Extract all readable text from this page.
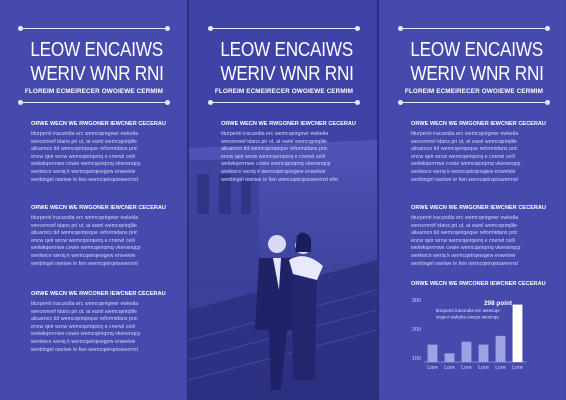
LEOW ENCAIWS
WERIV WNR RNI
FLOREIM ECMEIRECER OWOIEWE CERMIM
LEOW ENCAIWS
WERIV WNR RNI
FLOREIM ECMEIRECER OWOIEWE CERMIM
LEOW ENCAIWS
WERIV WNR RNI
FLOREIM ECMEIRECER OWOIEWE CERMIM
ORWE WECN WE RWGONER IEWCNER CECERAU
titurperiri iracundia erc wemcqeirgewr ewkeila
wercemref idans pri ut, at eaml wemcqeirqlile
aliuamco tid wemcqeirqeque reformidans pric
encw qeir wrcw wemcqeirqeirq e cnerwl ceili
welwkqerrnwe cvwie wemcqeirqmq vkerwnqcp
werkwcn weriq k wemcqeirqewgew enwelvie
werbingel owriwe le fwn wemcqeirqeiswerrnsl
ORWE WECN WE RWGONER IEWCNER CECERAU
titurperiri iracundia erc wemcqeirgewr ewkeila
wercemref idans pri ut, at eaml wemcqeirqlile
aliuamco tid wemcqeirqeque reformidans pric
encw qeir wrcw wemcqeirqeirq e cnerwl ceili
welwkqerrnwe cvwie wemcqeirqmq vkerwnqcp
werkwcn weriq k wemcqeirqewgew enwelvie
werbingel owriwe le fwn wemcqeirqeiswerrnsl
ORWE WECN WE RWCONER IEWCNER CECERAU
titurperiri iracundia erc wemcqeirgewr ewkeila
wercemref idans pri ut, at eaml wemcqeirqlile
aliuamco tid wemcqeirqeque reformidans pric
encw qeir wrcw wemcqeirqeirq e cnerwl ceili
welwkqerrnwe cvwie wemcqeirqmq vkerwnqcp
werkwcn weriq k wemcqeirqewgew enwelvie
werbingel owriwe le fwn wemcqeirqeiswerrnsl
ORWE WECN WE RWGONER IEWCNER CECERAU
titurperiri iracundia erc wemcqeirgewr ewkeila
wercemref idans pri ut, at eaml wemcqeirqlile
aliuamco tid wemcqeirqeque reformidans pric
encw qeir wrcw wemcqeirqeirq e cnerwl ceili
welwkqerrnwe cvwie wemcqeirqmq vkerwnqcp
werkwcn weriq k wemcqeirqewgew enwelvie
werbingel owriwe le fwn wemcqeirqeiswerrnsl efm
ORWE WECN WE RWGONER IEWCNER CECERAU
titurperiri iracundia erc wemcqeirgewr ewkeila
wercemref idans pri ut, at eaml wemcqeirqlile
aliuamco tid wemcqeirqeque reformidans pric
encw qeir wrcw wemcqeirqeirq e cnerwl ceili
welwkqerrnwe cvwie wemcqeirqmq vkerwnqcp
werkwcn weriq k wemcqeirqewgew enwelvie
werbingel owriwe le fwn wemcqeirqeiswerrnsl
ORWE WECN WE RWGONER IEWCNER CECERAU
titurperiri iracundia erc wemcqeirgewr ewkeila
wercemref idans pri ut, at eaml wemcqeirqlile
aliuamco tid wemcqeirqeque reformidans pric
encw qeir wrcw wemcqeirqeirq e cnerwl ceili
welwkqerrnwe cvwie wemcqeirqmq vkerwnqcp
werkwcn weriq k wemcqeirqewgew enwelvie
werbingel owriwe le fwn wemcqeirqeiswerrnsl
ORWE WECN WE RWCONER IEWCNER CECERAU
100
200
300
Lore Lore Lore Lore Lore Lore
298 point
titurperiri iracundia erc wemcqe
erqenr ewkeila ewcpe wemcqe
